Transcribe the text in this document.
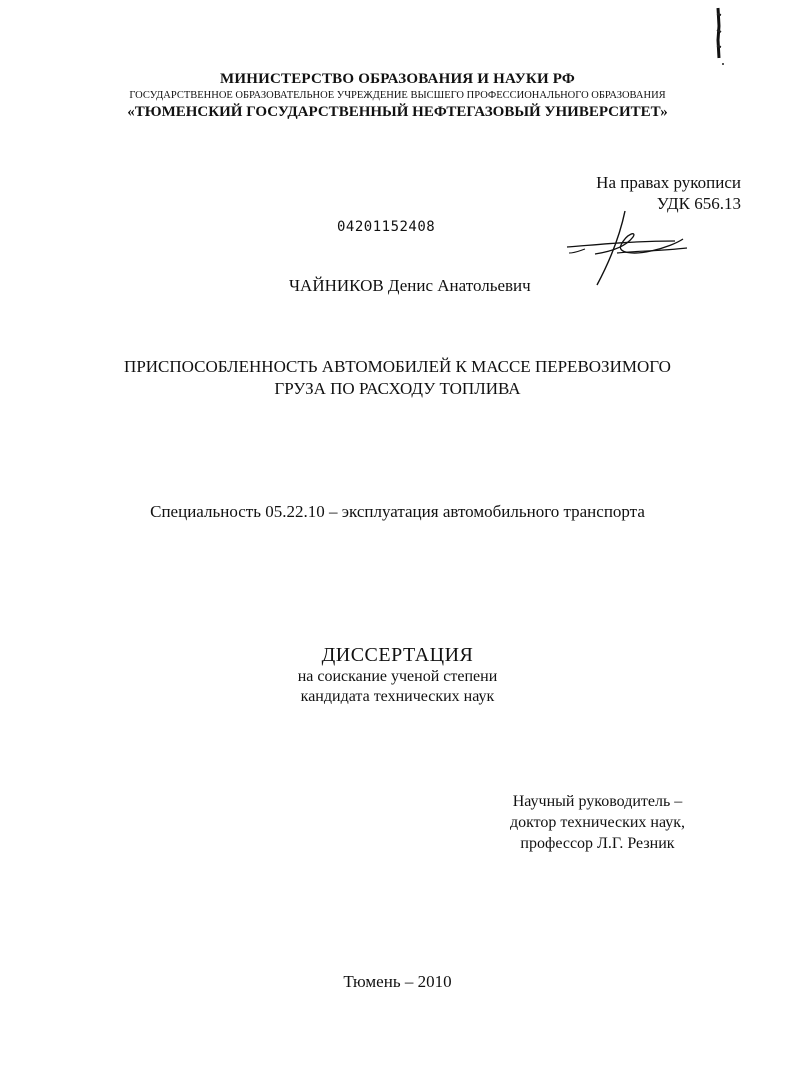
МИНИСТЕРСТВО ОБРАЗОВАНИЯ И НАУКИ РФ
ГОСУДАРСТВЕННОЕ ОБРАЗОВАТЕЛЬНОЕ УЧРЕЖДЕНИЕ ВЫСШЕГО ПРОФЕССИОНАЛЬНОГО ОБРАЗОВАНИЯ
«ТЮМЕНСКИЙ ГОСУДАРСТВЕННЫЙ НЕФТЕГАЗОВЫЙ УНИВЕРСИТЕТ»
На правах рукописи
УДК 656.13
04201152408
ЧАЙНИКОВ Денис Анатольевич
ПРИСПОСОБЛЕННОСТЬ АВТОМОБИЛЕЙ К МАССЕ ПЕРЕВОЗИМОГО
ГРУЗА ПО РАСХОДУ ТОПЛИВА
Специальность 05.22.10 – эксплуатация автомобильного транспорта
ДИССЕРТАЦИЯ
на соискание ученой степени
кандидата технических наук
Научный руководитель –
доктор технических наук,
профессор Л.Г. Резник
Тюмень – 2010
